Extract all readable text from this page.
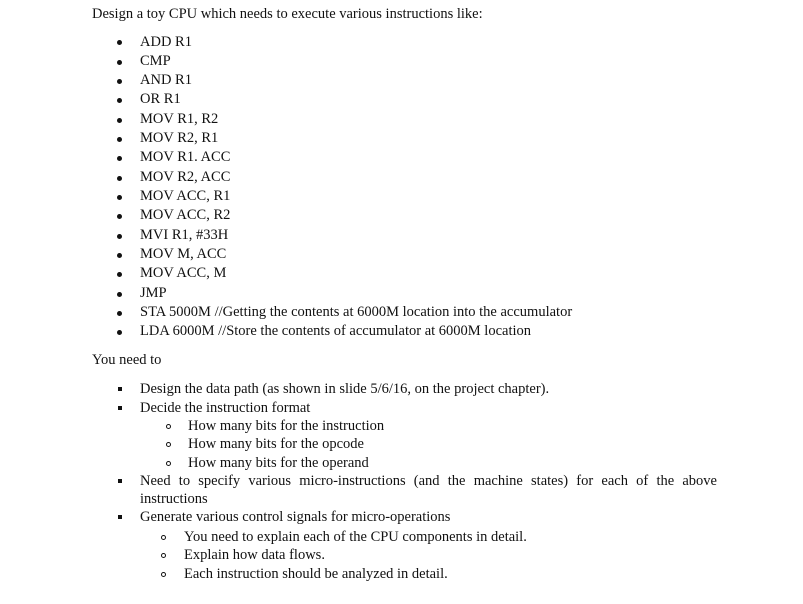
Design a toy CPU which needs to execute various instructions like:
ADD R1
CMP
AND R1
OR R1
MOV R1, R2
MOV R2, R1
MOV R1. ACC
MOV R2, ACC
MOV ACC, R1
MOV ACC, R2
MVI R1, #33H
MOV M, ACC
MOV ACC, M
JMP
STA 5000M //Getting the contents at 6000M location into the accumulator
LDA 6000M //Store the contents of accumulator at 6000M location
You need to
Design the data path (as shown in slide 5/6/16, on the project chapter).
Decide the instruction format
How many bits for the instruction
How many bits for the opcode
How many bits for the operand
Need to specify various micro-instructions (and the machine states) for each of the above
instructions
Generate various control signals for micro-operations
You need to explain each of the CPU components in detail.
Explain how data flows.
Each instruction should be analyzed in detail.
